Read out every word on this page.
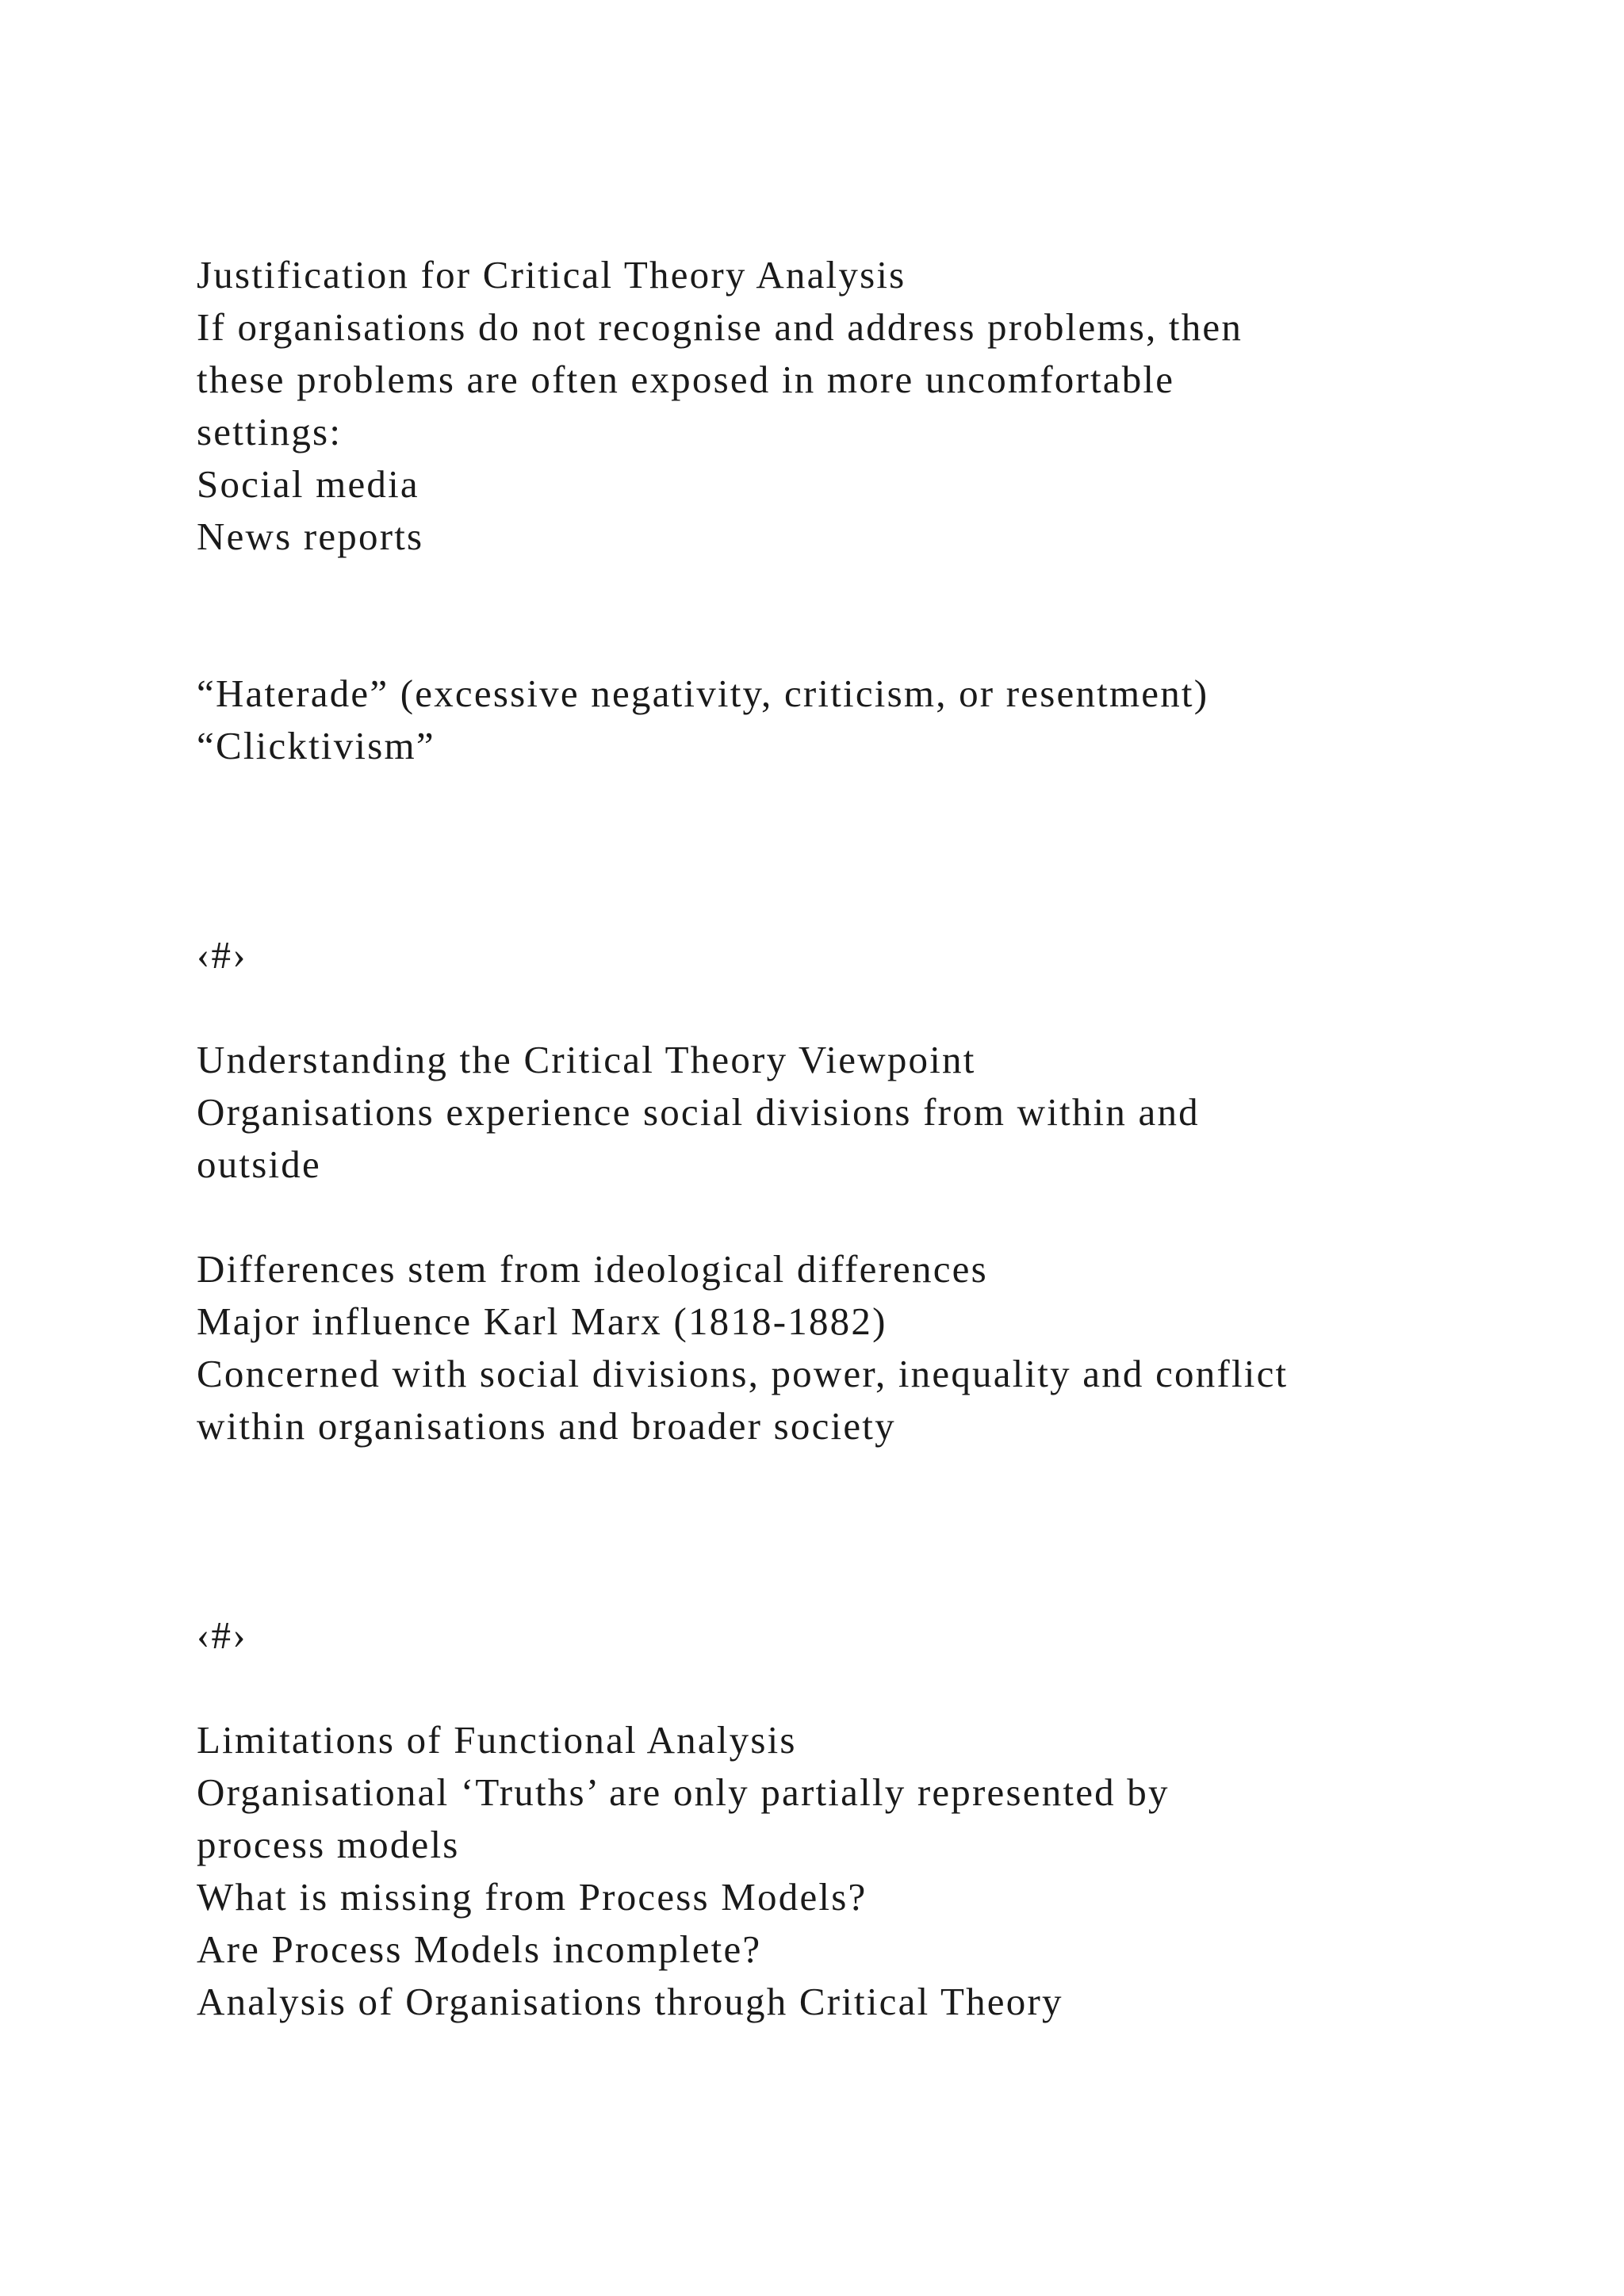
Justification for Critical Theory Analysis

If organisations do not recognise and address problems, then

these problems are often exposed in more uncomfortable

settings:

Social media

News reports

“Haterade” (excessive negativity, criticism, or resentment)

“Clicktivism”

‹#›

Understanding the Critical Theory Viewpoint

Organisations experience social divisions from within and

outside

Differences stem from ideological differences

Major influence Karl Marx (1818-1882)

Concerned with social divisions, power, inequality and conflict

within organisations and broader society

‹#›

Limitations of Functional Analysis

Organisational ‘Truths’ are only partially represented by

process models

What is missing from Process Models?

Are Process Models incomplete?

Analysis of Organisations through Critical Theory
